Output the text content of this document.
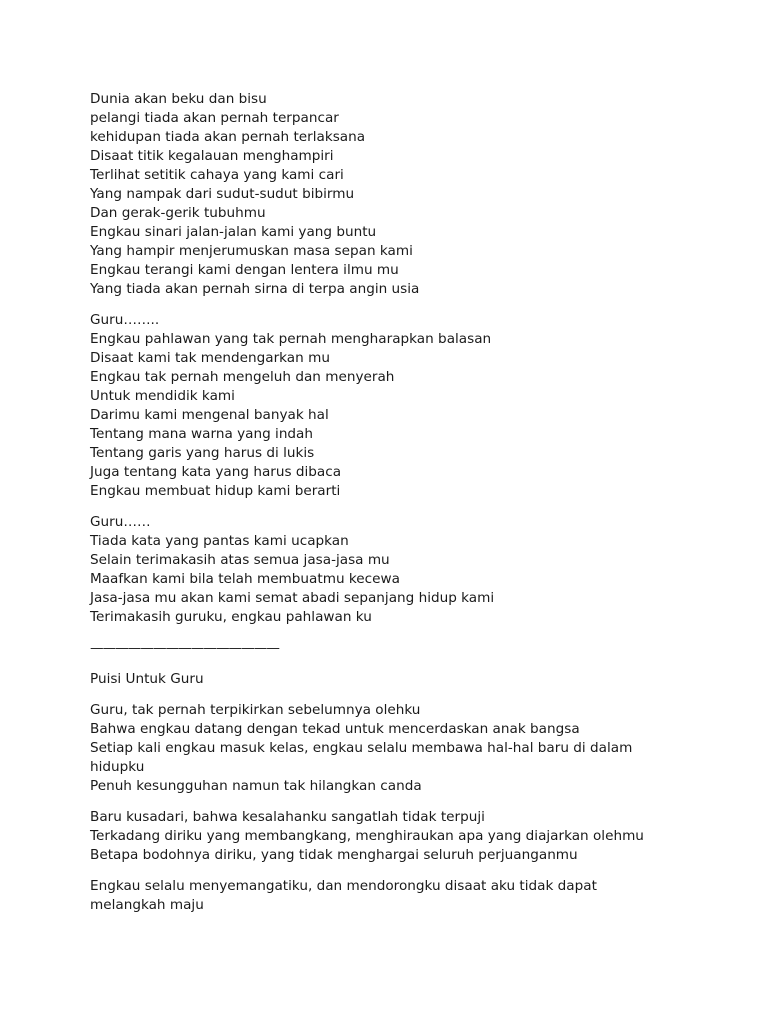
Dunia akan beku dan bisu
pelangi tiada akan pernah terpancar
kehidupan tiada akan pernah terlaksana
Disaat titik kegalauan menghampiri
Terlihat setitik cahaya yang kami cari
Yang nampak dari sudut-sudut bibirmu
Dan gerak-gerik tubuhmu
Engkau sinari jalan-jalan kami yang buntu
Yang hampir menjerumuskan masa sepan kami
Engkau terangi kami dengan lentera ilmu mu
Yang tiada akan pernah sirna di terpa angin usia
Guru……..
Engkau pahlawan yang tak pernah mengharapkan balasan
Disaat kami tak mendengarkan mu
Engkau tak pernah mengeluh dan menyerah
Untuk mendidik kami
Darimu kami mengenal banyak hal
Tentang mana warna yang indah
Tentang garis yang harus di lukis
Juga tentang kata yang harus dibaca
Engkau membuat hidup kami berarti
Guru……
Tiada kata yang pantas kami ucapkan
Selain terimakasih atas semua jasa-jasa mu
Maafkan kami bila telah membuatmu kecewa
Jasa-jasa mu akan kami semat abadi sepanjang hidup kami
Terimakasih guruku, engkau pahlawan ku
———————————————
Puisi Untuk Guru
Guru, tak pernah terpikirkan sebelumnya olehku
Bahwa engkau datang dengan tekad untuk mencerdaskan anak bangsa
Setiap kali engkau masuk kelas, engkau selalu membawa hal-hal baru di dalam
hidupku
Penuh kesungguhan namun tak hilangkan canda
Baru kusadari, bahwa kesalahanku sangatlah tidak terpuji
Terkadang diriku yang membangkang, menghiraukan apa yang diajarkan olehmu
Betapa bodohnya diriku, yang tidak menghargai seluruh perjuanganmu
Engkau selalu menyemangatiku, dan mendorongku disaat aku tidak dapat
melangkah maju
